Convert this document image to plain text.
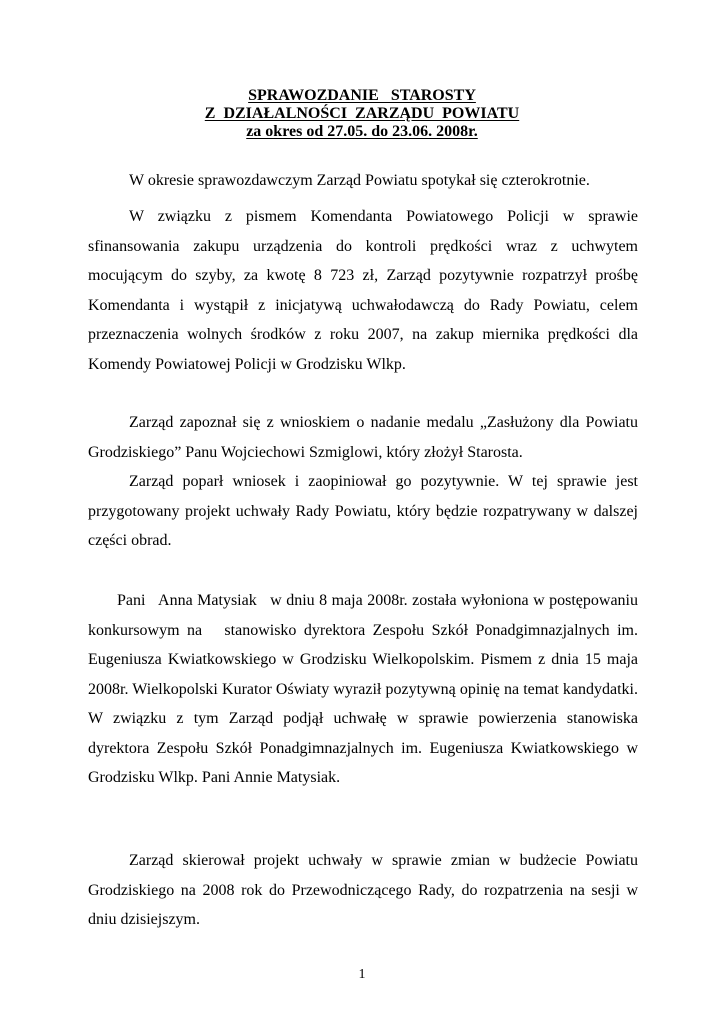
SPRAWOZDANIE   STAROSTY
Z  DZIAŁALNOŚCI  ZARZĄDU  POWIATU
za okres od 27.05. do 23.06. 2008r.

W okresie sprawozdawczym Zarząd Powiatu spotykał się czterokrotnie.

W związku z pismem Komendanta Powiatowego Policji w sprawie sfinansowania zakupu urządzenia do kontroli prędkości wraz z uchwytem mocującym do szyby, za kwotę 8 723 zł, Zarząd pozytywnie rozpatrzył prośbę Komendanta i wystąpił z inicjatywą uchwałodawczą do Rady Powiatu, celem przeznaczenia wolnych środków z roku 2007, na zakup miernika prędkości dla Komendy Powiatowej Policji w Grodzisku Wlkp.

Zarząd zapoznał się z wnioskiem o nadanie medalu „Zasłużony dla Powiatu Grodziskiego” Panu Wojciechowi Szmiglowi, który złożył Starosta.

Zarząd poparł wniosek i zaopiniował go pozytywnie. W tej sprawie jest przygotowany projekt uchwały Rady Powiatu, który będzie rozpatrywany w dalszej części obrad.

Pani   Anna Matysiak   w dniu 8 maja 2008r. została wyłoniona w postępowaniu konkursowym na   stanowisko dyrektora Zespołu Szkół Ponadgimnazjalnych im. Eugeniusza Kwiatkowskiego w Grodzisku Wielkopolskim. Pismem z dnia 15 maja 2008r. Wielkopolski Kurator Oświaty wyraził pozytywną opinię na temat kandydatki. W związku z tym Zarząd podjął uchwałę w sprawie powierzenia stanowiska dyrektora Zespołu Szkół Ponadgimnazjalnych im. Eugeniusza Kwiatkowskiego w Grodzisku Wlkp. Pani Annie Matysiak.

Zarząd skierował projekt uchwały w sprawie zmian w budżecie Powiatu Grodziskiego na 2008 rok do Przewodniczącego Rady, do rozpatrzenia na sesji w dniu dzisiejszym.

1
